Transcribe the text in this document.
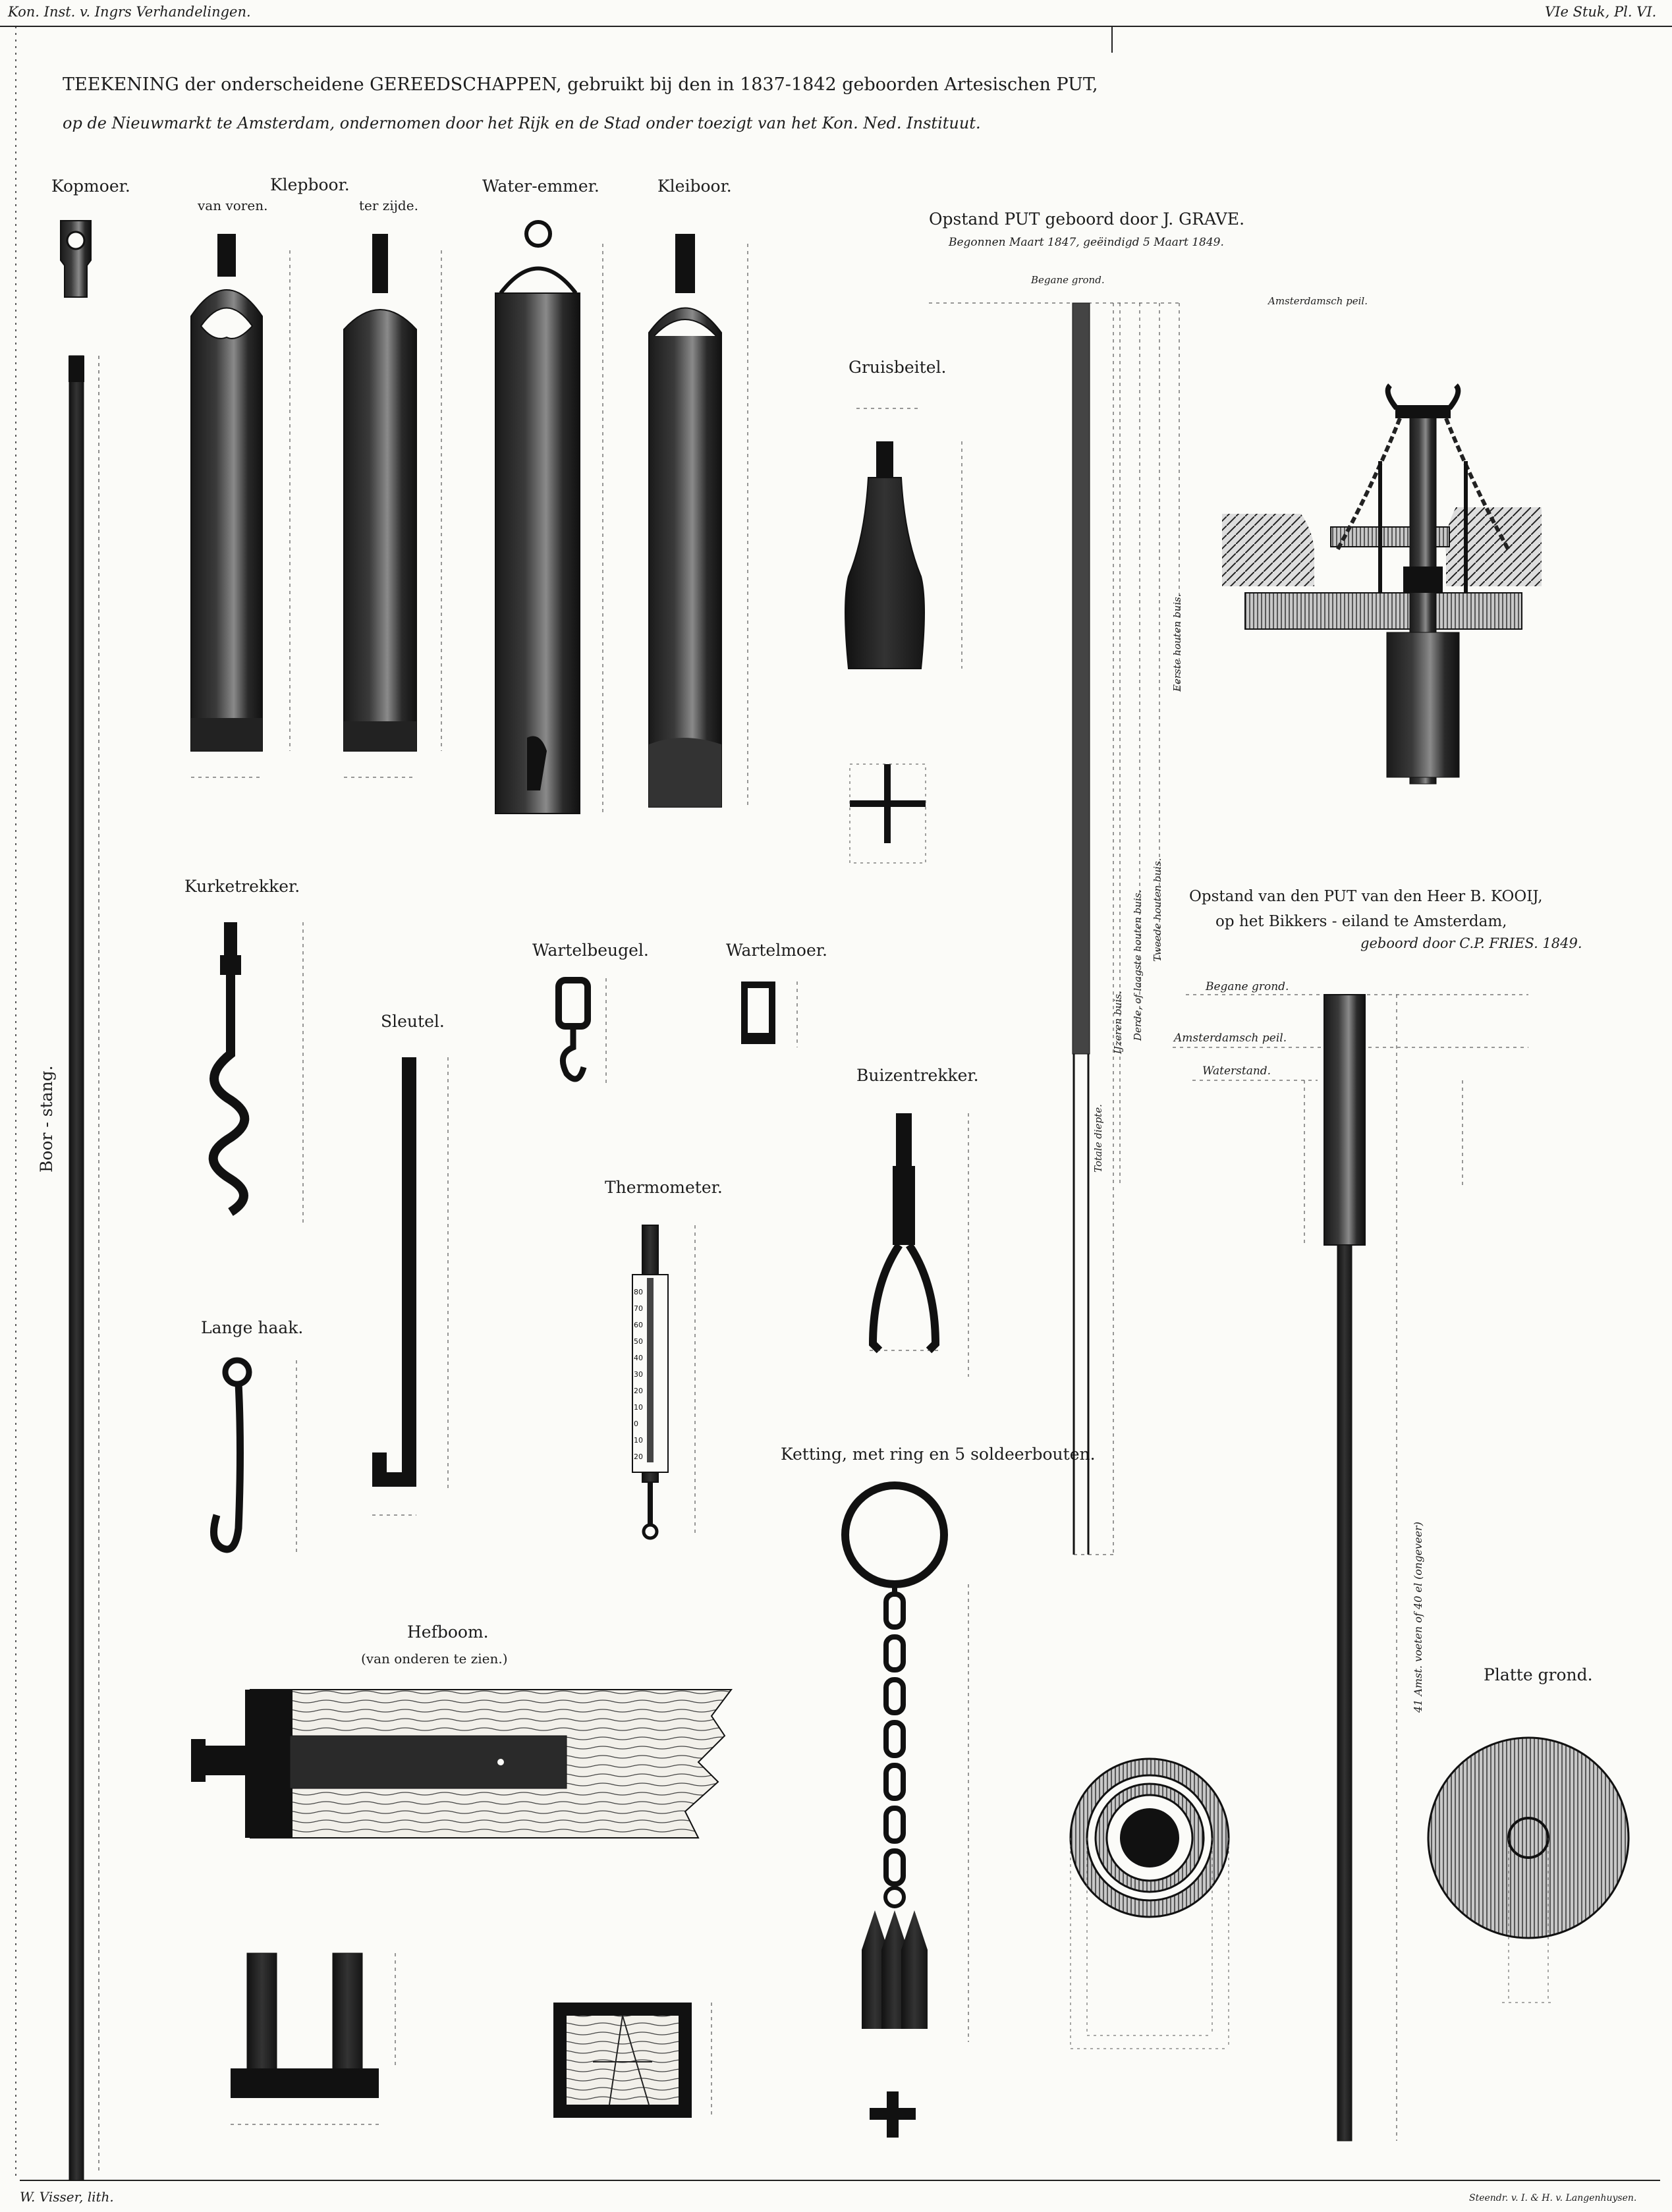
Kon. Inst. v. Ingrs Verhandelingen.	VIe Stuk, Pl. VI.
TEEKENING der onderscheidene GEREEDSCHAPPEN, gebruikt bij den in 1837-1842 geboorden Artesischen PUT,
op de Nieuwmarkt te Amsterdam, ondernomen door het Rijk en de Stad onder toezigt van het Kon. Ned. Instituut.
Kopmoer.	Klepboor.
van voren.	ter zijde.
Water-emmer.	Kleiboor.
Gruisbeitel.
Boor - stang.
Kurketrekker.
Sleutel.
Wartelbeugel.	Wartelmoer.
Buizentrekker.
Thermometer.
Lange haak.
Ketting, met ring en 5 soldeerbouten.
Hefboom.
(van onderen te zien.)
Opstand PUT geboord door J. GRAVE.
Begonnen Maart 1847, geëindigd 5 Maart 1849.
Begane grond.
Amsterdamsch peil.
Eerste houten buis.
Tweede houten buis.
Derde, of laagste houten buis.
IJzeren buis.
Totale diepte.
Opstand van den PUT van den Heer B. KOOIJ,
op het Bikkers - eiland te Amsterdam,
geboord door C.P. FRIES. 1849.
Begane grond.
Amsterdamsch peil.
Waterstand.
41 Amst. voeten of 40 el (ongeveer)	Platte grond.
W. Visser, lith.	Steendr. v. I. & H. v. Langenhuysen.
80
70
60
50
40
30
20
10
0
10
20
